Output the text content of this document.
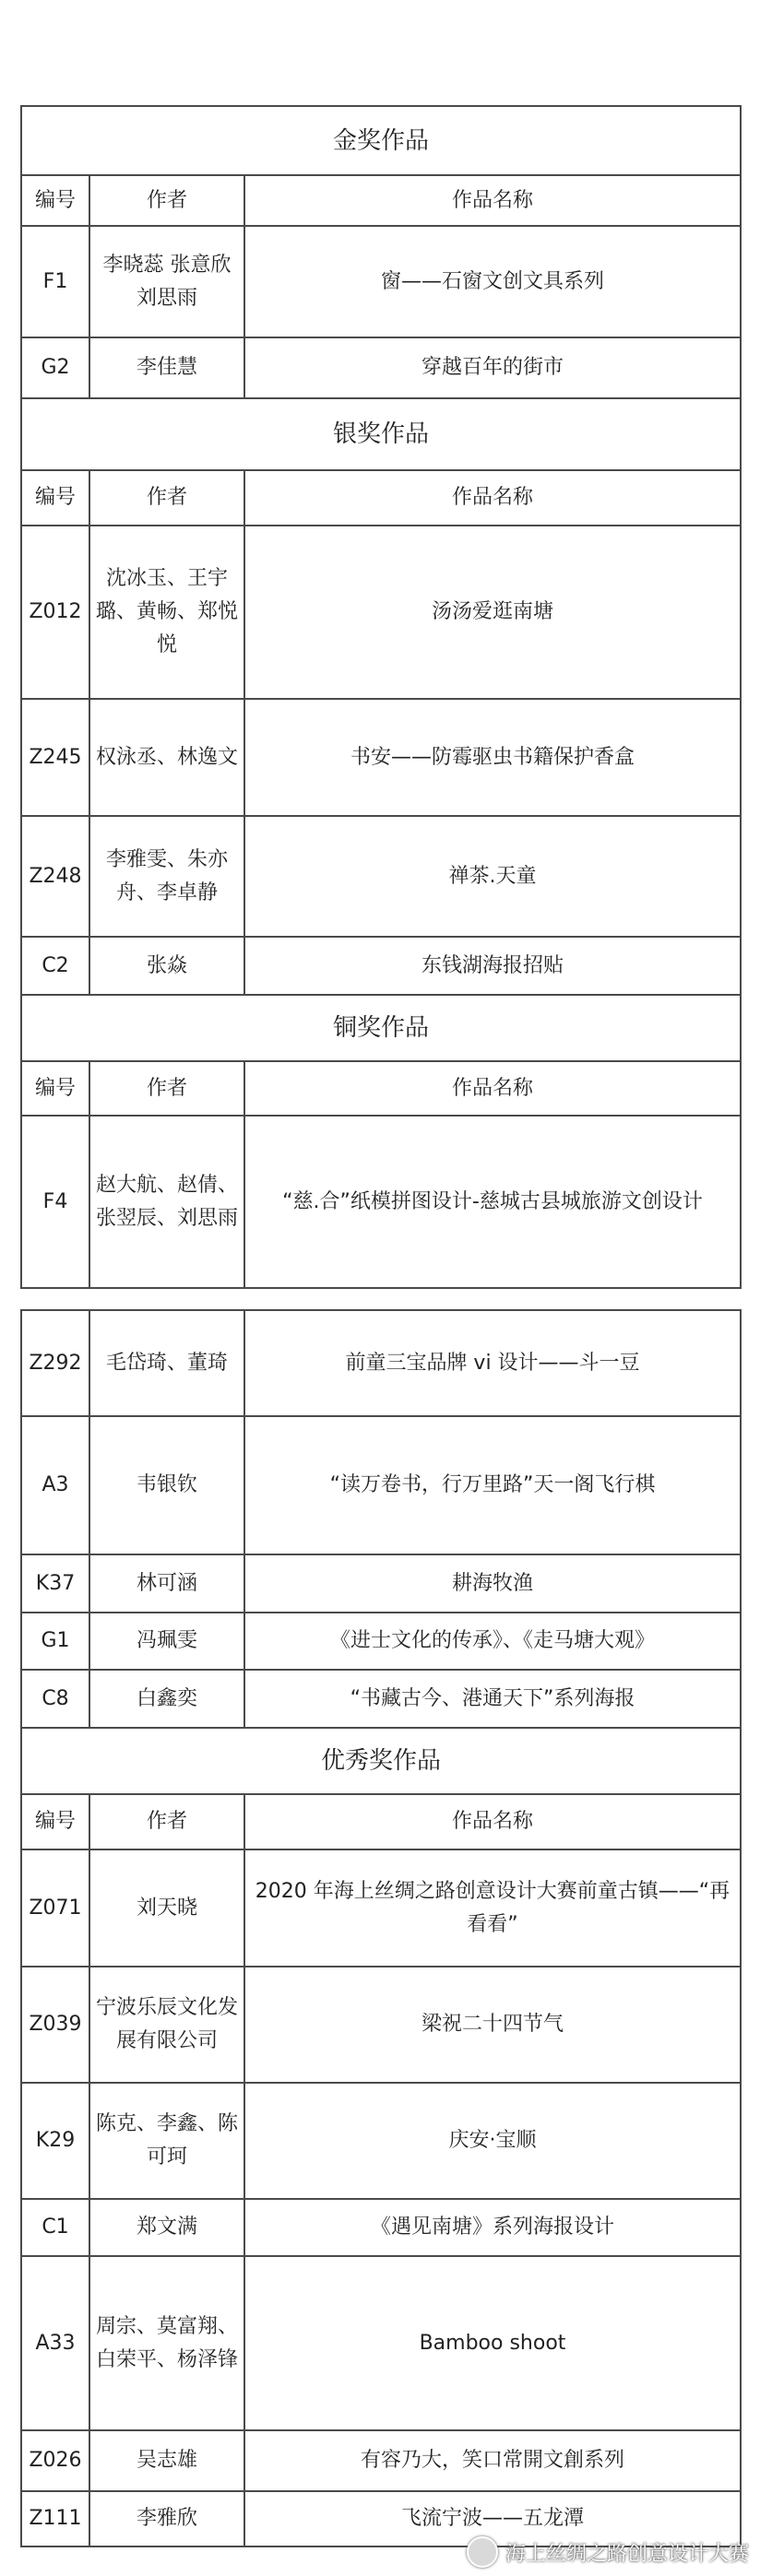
金奖作品		
编号	作者	作品名称
F1	李晓蕊 张意欣刘思雨	窗——石窗文创文具系列
G2	李佳慧	穿越百年的街市
银奖作品		
编号	作者	作品名称
Z012	沈冰玉、王宇璐、黄畅、郑悦悦	汤汤爱逛南塘
Z245	权泳丞、林逸文	书安——防霉驱虫书籍保护香盒
Z248	李雅雯、朱亦舟、李卓静	禅茶.天童
C2	张焱	东钱湖海报招贴
铜奖作品		
编号	作者	作品名称
F4	赵大航、赵倩、张翌辰、刘思雨	“慈.合”纸模拼图设计-慈城古县城旅游文创设计
Z292	毛岱琦、董琦	前童三宝品牌 vi 设计——斗一豆
A3	韦银钦	“读万卷书，行万里路”天一阁飞行棋
K37	林可涵	耕海牧渔
G1	冯珮雯	《进士文化的传承》、《走马塘大观》
C8	白鑫奕	“书藏古今、港通天下”系列海报
优秀奖作品		
编号	作者	作品名称
Z071	刘天晓	2020 年海上丝绸之路创意设计大赛前童古镇——“再看看”
Z039	宁波乐辰文化发展有限公司	梁祝二十四节气
K29	陈克、李鑫、陈可珂	庆安·宝顺
C1	郑文满	《遇见南塘》系列海报设计
A33	周宗、莫富翔、白荣平、杨泽锋	Bamboo shoot
Z026	吴志雄	有容乃大，笑口常開文創系列
Z111	李雅欣	飞流宁波——五龙潭
海上丝绸之路创意设计大赛
